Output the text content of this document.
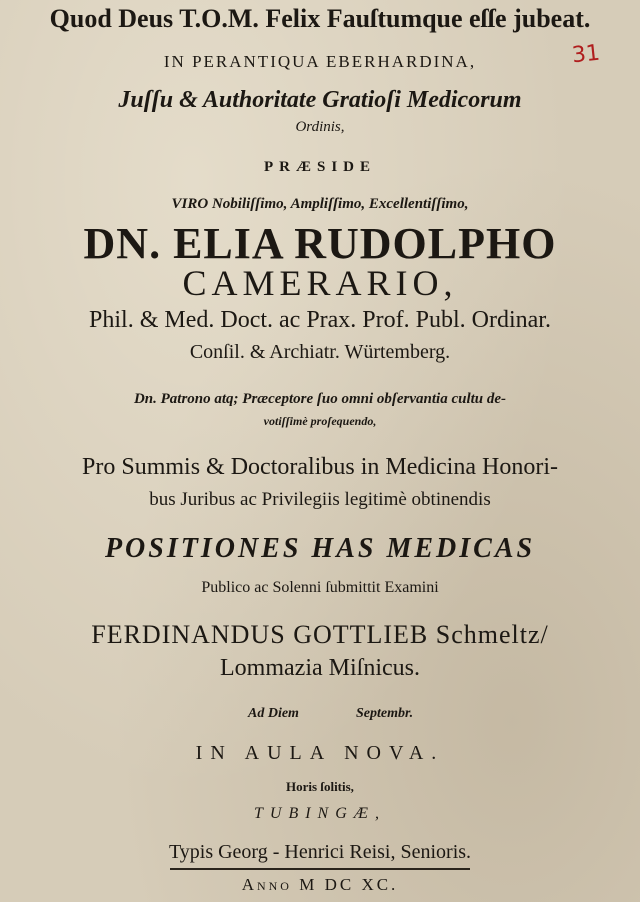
Quod Deus T.O.M. Felix Fauſtumque eſſe jubeat.
IN PERANTIQUA EBERHARDINA,	31
Juſſu & Authoritate Gratioſi Medicorum
Ordinis,
PRÆSIDE
VIRO Nobiliſſimo, Ampliſſimo, Excellentiſſimo,
DN. ELIA RUDOLPHO
CAMERARIO,
Phil. & Med. Doct. ac Prax. Prof. Publ. Ordinar.
Conſil. & Archiatr. Würtemberg.
Dn. Patrono atq; Præceptore ſuo omni obſervantia cultu de-
votiſſimè proſequendo,
Pro Summis & Doctoralibus in Medicina Honori-
bus Juribus ac Privilegiis legitimè obtinendis
POSITIONES HAS MEDICAS
Publico ac Solenni ſubmittit Examini
FERDINANDUS GOTTLIEB Schmeltz/
Lommazia Miſnicus.
Ad Diem	Septembr.
IN AULA NOVA.
Horis ſolitis,
TUBINGÆ,
Typis Georg - Henrici Reisi, Senioris.
Anno M DC XC.
